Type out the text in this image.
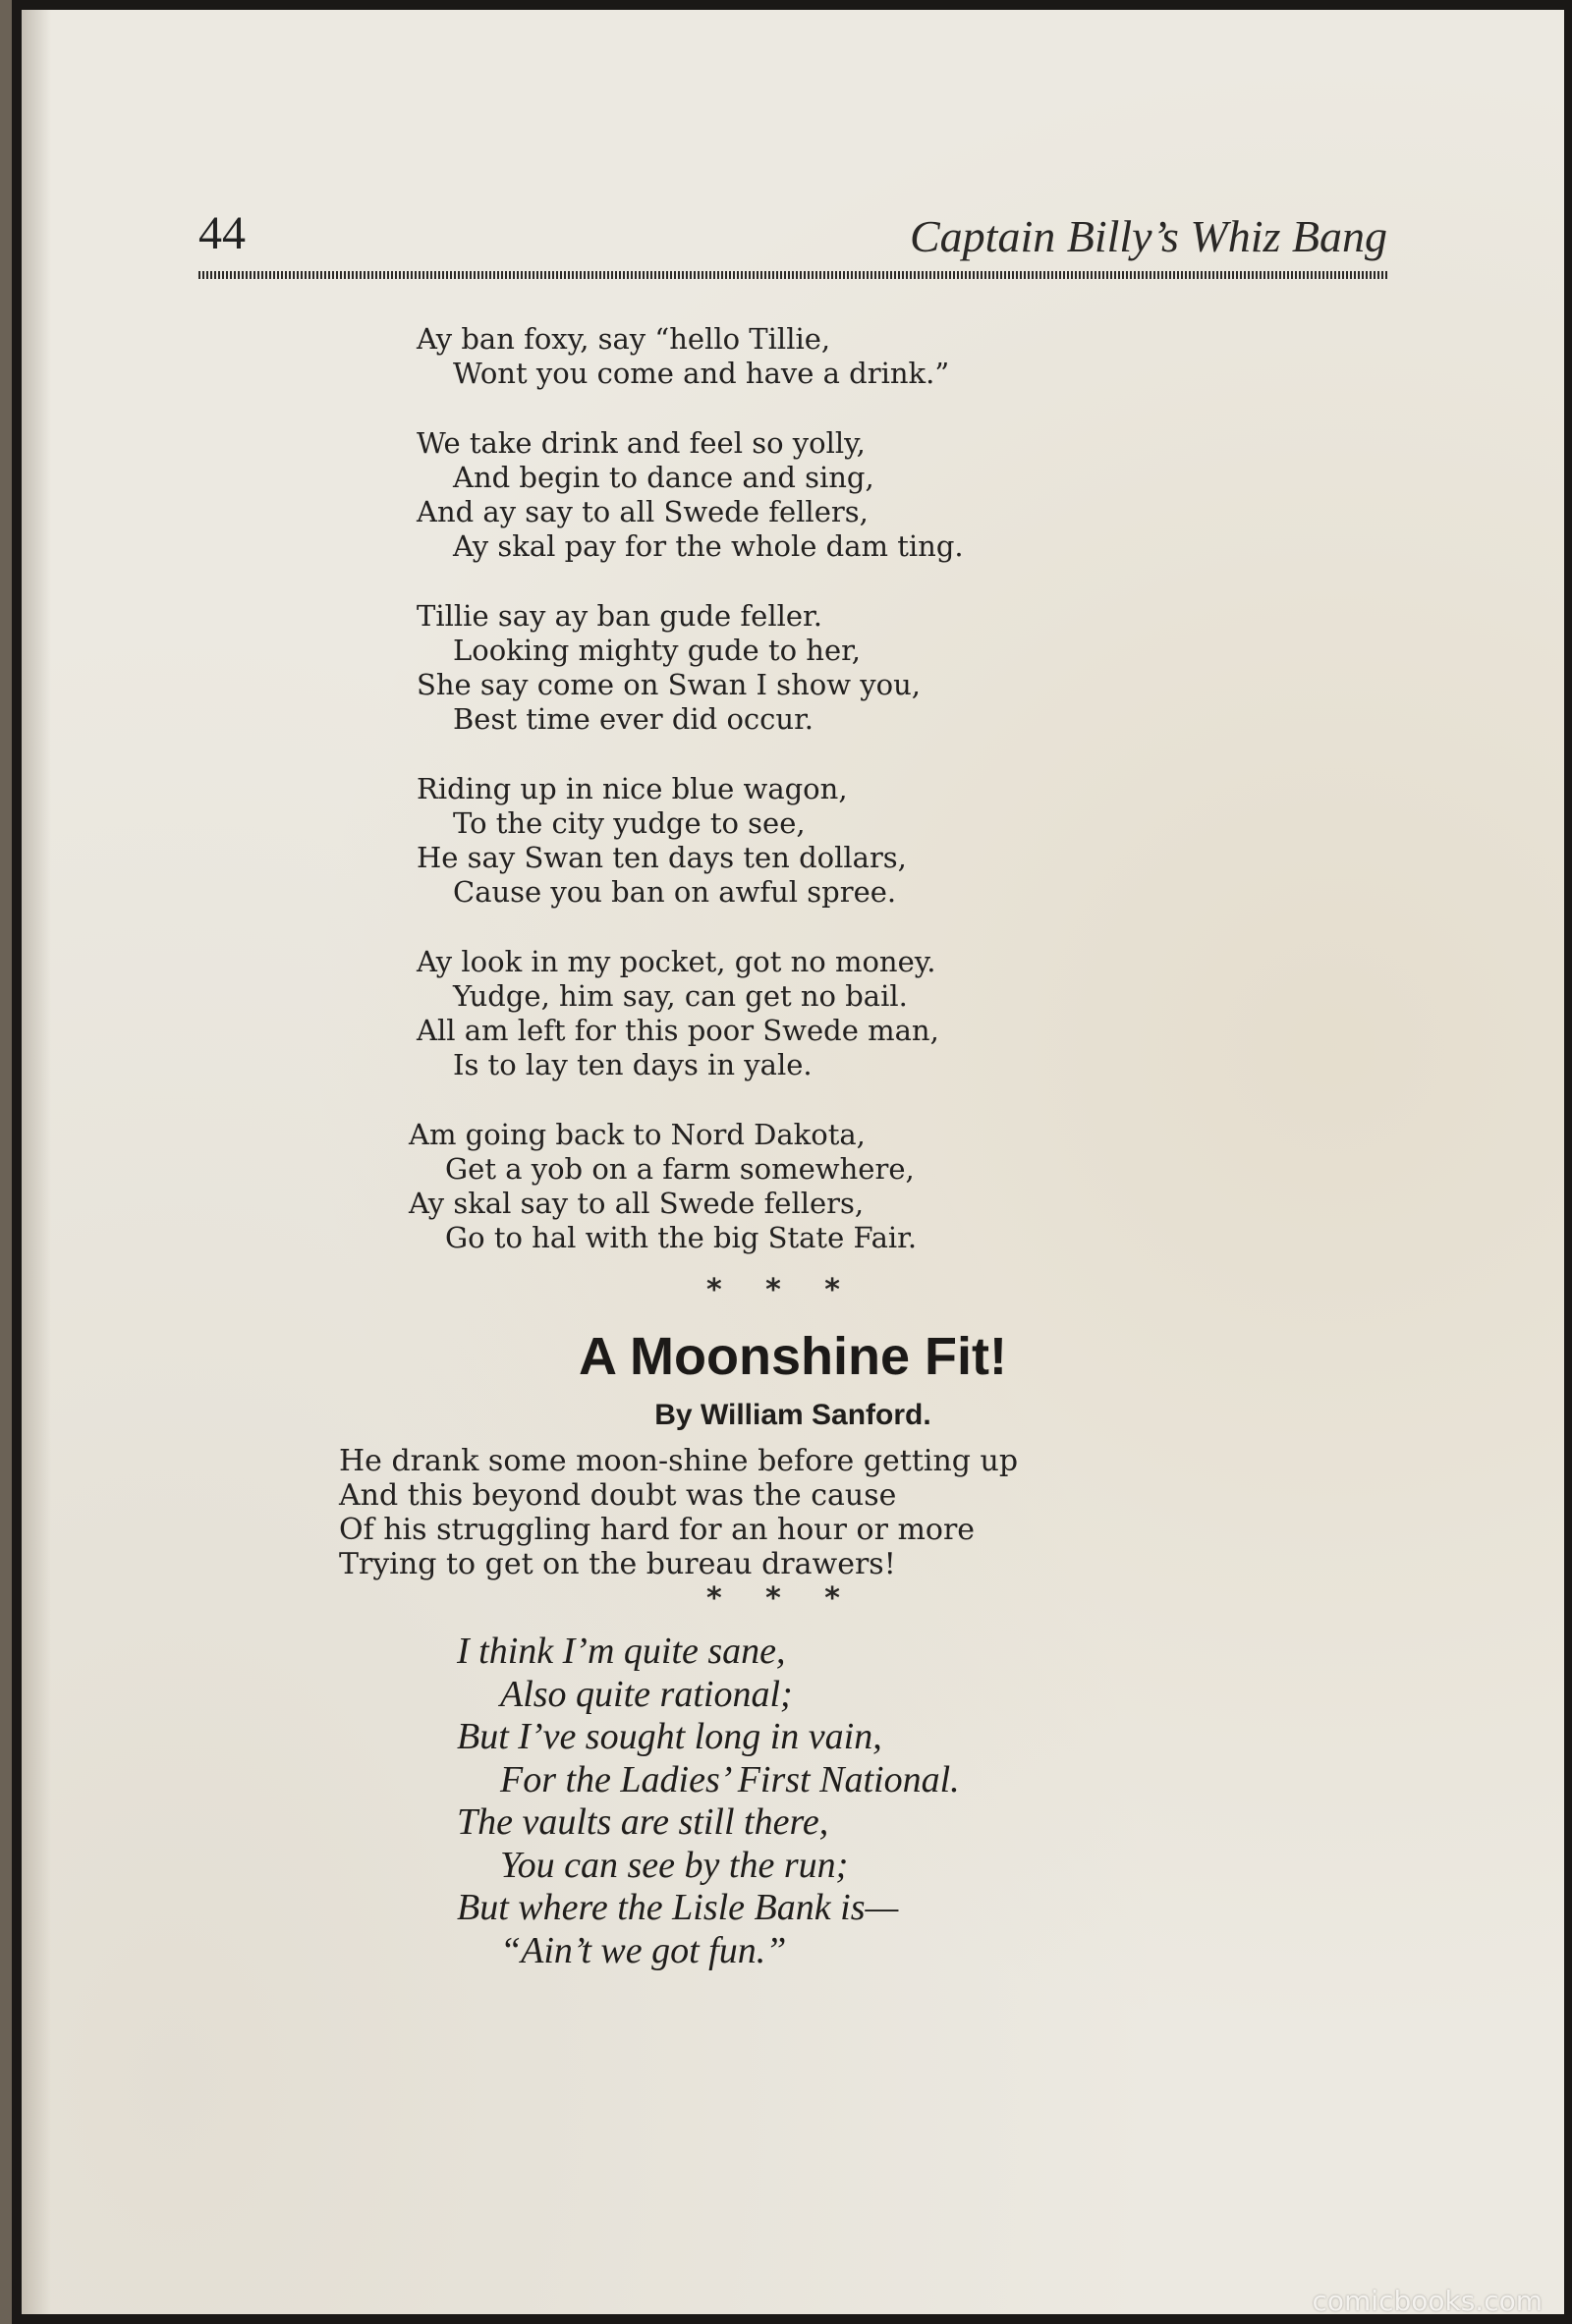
44	Captain Billy’s Whiz Bang
Ay ban foxy, say “hello Tillie,
Wont you come and have a drink.”
We take drink and feel so yolly,
And begin to dance and sing,
And ay say to all Swede fellers,
Ay skal pay for the whole dam ting.
Tillie say ay ban gude feller.
Looking mighty gude to her,
She say come on Swan I show you,
Best time ever did occur.
Riding up in nice blue wagon,
To the city yudge to see,
He say Swan ten days ten dollars,
Cause you ban on awful spree.
Ay look in my pocket, got no money.
Yudge, him say, can get no bail.
All am left for this poor Swede man,
Is to lay ten days in yale.
Am going back to Nord Dakota,
Get a yob on a farm somewhere,
Ay skal say to all Swede fellers,
Go to hal with the big State Fair.
* * *
A Moonshine Fit!
By William Sanford.
He drank some moon-shine before getting up
And this beyond doubt was the cause
Of his struggling hard for an hour or more
Trying to get on the bureau drawers!
* * *
I think I’m quite sane,
Also quite rational;
But I’ve sought long in vain,
For the Ladies’ First National.
The vaults are still there,
You can see by the run;
But where the Lisle Bank is—
“Ain’t we got fun.”
comicbooks.com
